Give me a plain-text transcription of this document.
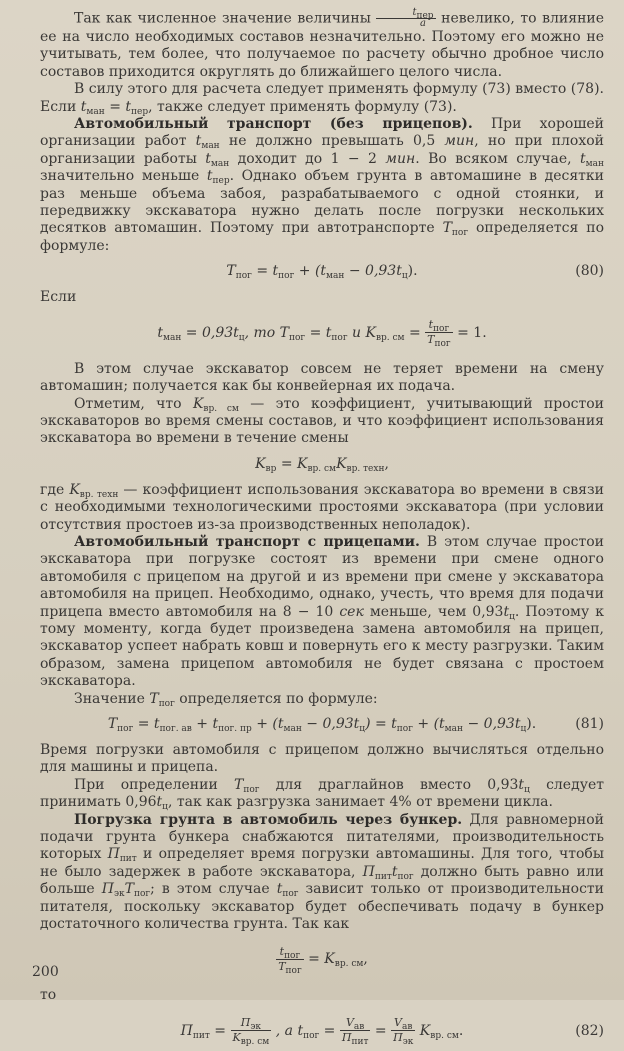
Так как численное значение величины $\frac{t_{пер}}{a}$ невелико, то влияние ее на число необходимых составов незначительно. Поэтому его можно не учитывать, тем более, что получаемое по расчету обычно дробное число составов приходится округлять до ближайшего целого числа.

В силу этого для расчета следует применять формулу (73) вместо (78). Если $t_{ман} = t_{пер}$, также следует применять формулу (73).

Автомобильный транспорт (без прицепов). При хорошей организации работ $t_{ман}$ не должно превышать 0,5 мин, но при плохой организации работы $t_{ман}$ доходит до 1 − 2 мин. Во всяком случае, $t_{ман}$ значительно меньше $t_{пер}$. Однако объем грунта в автомашине в десятки раз меньше объема забоя, разрабатываемого с одной стоянки, и передвижку экскаватора нужно делать после погрузки нескольких десятков автомашин. Поэтому при автотранспорте $T_{пог}$ определяется по формуле:

$T_{пог} = t_{пог} + (t_{ман} - 0,93t_ц)$.	(80)

Если

$t_{ман} = 0,93t_ц$, то $T_{пог} = t_{пог}$ и $K_{вр. см} = \frac{t_{пог}}{T_{пог}} = 1$.

В этом случае экскаватор совсем не теряет времени на смену автомашин; получается как бы конвейерная их подача.

Отметим, что $K_{вр. см}$ — это коэффициент, учитывающий простои экскаваторов во время смены составов, и что коэффициент использования экскаватора во времени в течение смены

$K_{вр} = K_{вр. см}K_{вр. техн}$,

где $K_{вр. техн}$ — коэффициент использования экскаватора во времени в связи с необходимыми технологическими простоями экскаватора (при условии отсутствия простоев из-за производственных неполадок).

Автомобильный транспорт с прицепами. В этом случае простои экскаватора при погрузке состоят из времени при смене одного автомобиля с прицепом на другой и из времени при смене у экскаватора автомобиля на прицеп. Необходимо, однако, учесть, что время для подачи прицепа вместо автомобиля на 8 − 10 сек меньше, чем $0,93t_ц$. Поэтому к тому моменту, когда будет произведена замена автомобиля на прицеп, экскаватор успеет набрать ковш и повернуть его к месту разгрузки. Таким образом, замена прицепом автомобиля не будет связана с простоем экскаватора.

Значение $T_{пог}$ определяется по формуле:

$T_{пог} = t_{пог. ав} + t_{пог. пр} + (t_{ман} - 0,93t_ц) = t_{пог} + (t_{ман} - 0,93t_ц)$.	(81)

Время погрузки автомобиля с прицепом должно вычисляться отдельно для машины и прицепа.

При определении $T_{пог}$ для драглайнов вместо $0,93t_ц$ следует принимать $0,96t_ц$, так как разгрузка занимает 4% от времени цикла.

Погрузка грунта в автомобиль через бункер. Для равномерной подачи грунта бункера снабжаются питателями, производительность которых $П_{пит}$ и определяет время погрузки автомашины. Для того, чтобы не было задержек в работе экскаватора, $П_{пит}t_{пог}$ должно быть равно или больше $П_{эк}T_{пог}$; в этом случае $t_{пог}$ зависит только от производительности питателя, поскольку экскаватор будет обеспечивать подачу в бункер достаточного количества грунта. Так как

$\frac{t_{пог}}{T_{пог}} = K_{вр. см}$,

то

$П_{пит} = \frac{П_{эк}}{K_{вр. см}}$ , а $t_{пог} = \frac{V_{ав}}{П_{пит}} = \frac{V_{ав}}{П_{эк}} K_{вр. см}$.	(82)
200
